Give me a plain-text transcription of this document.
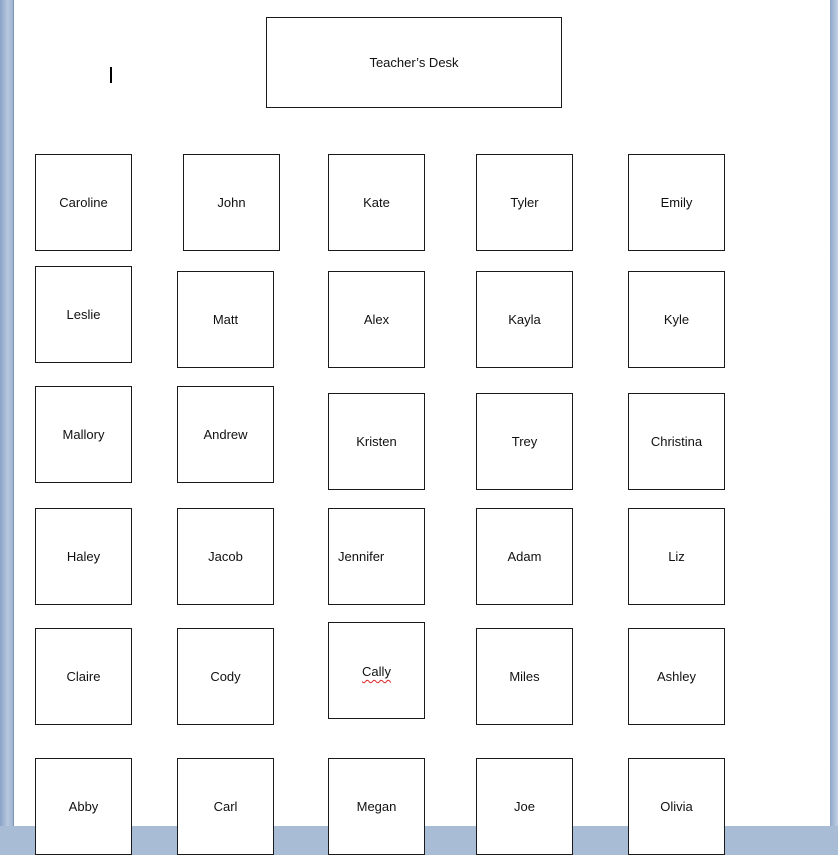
Teacher’s Desk
Caroline	John	Kate	Tyler	Emily
Leslie	Matt	Alex	Kayla	Kyle
Mallory	Andrew	Kristen	Trey	Christina
Haley	Jacob	Jennifer	Adam	Liz
Claire	Cody	Cally	Miles	Ashley
Abby	Carl	Megan	Joe	Olivia
